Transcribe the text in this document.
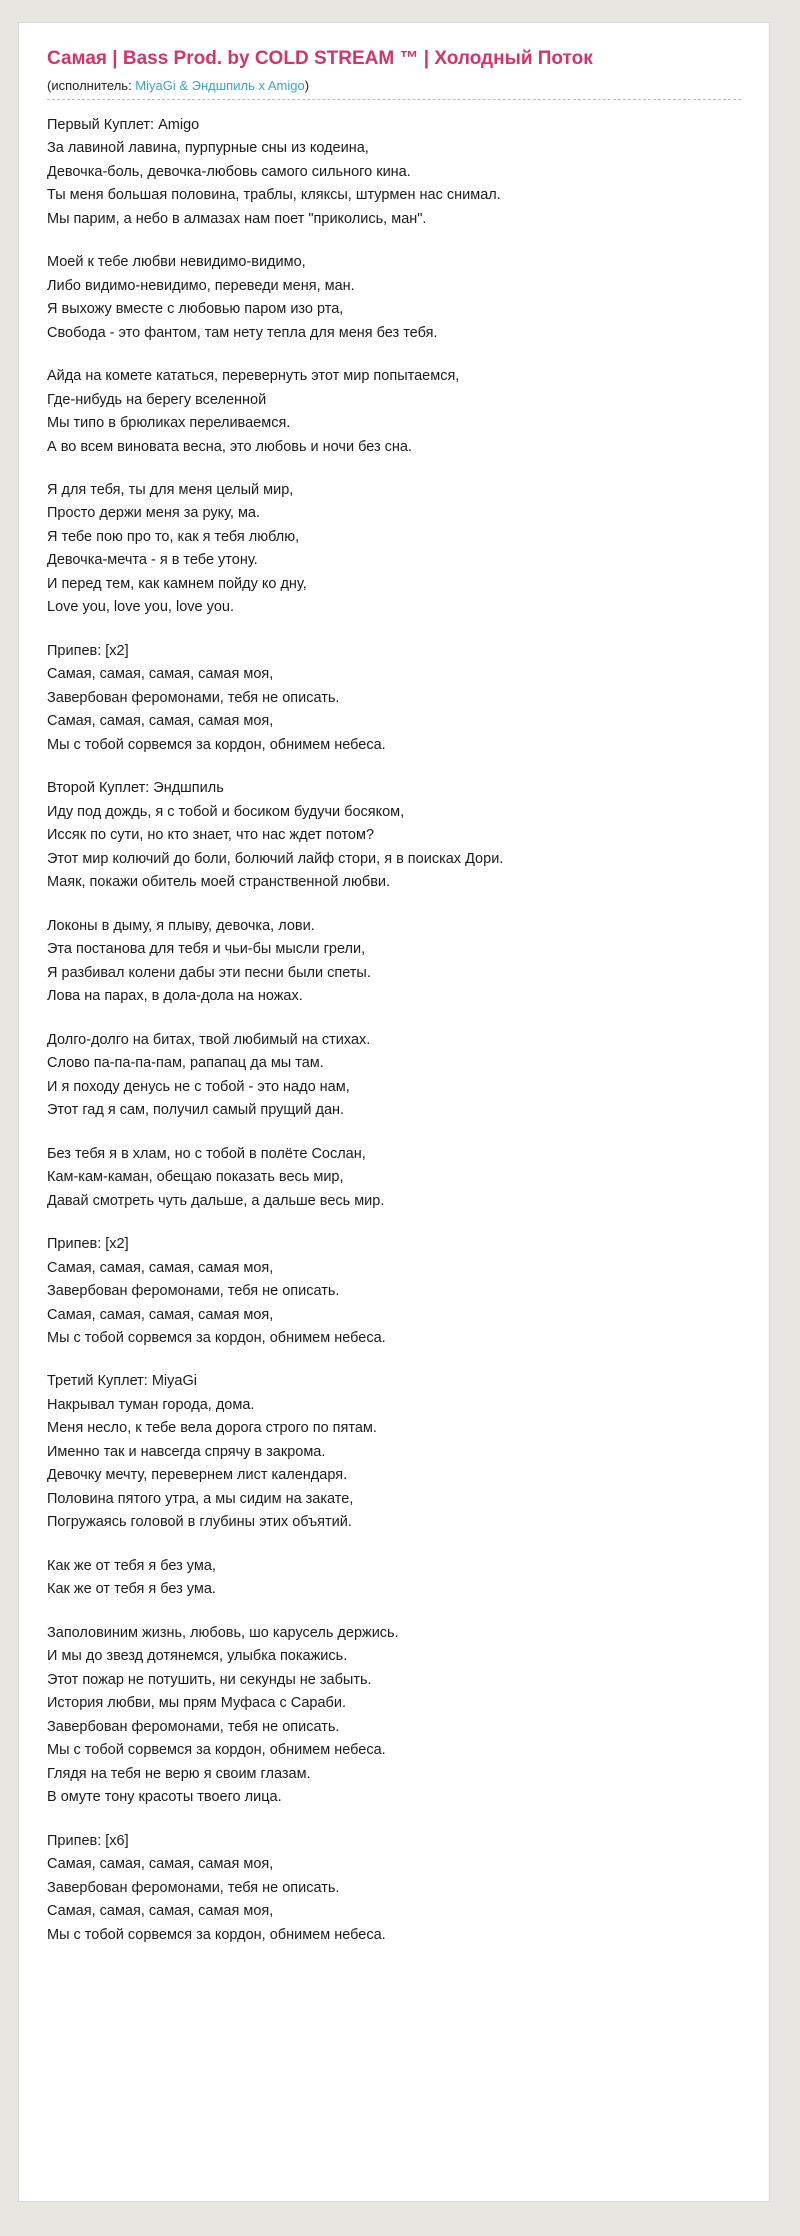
Самая | Bass Prod. by COLD STREAM ™ | Холодный Поток
(исполнитель: MiyaGi & Эндшпиль x Amigo)
Первый Куплет: Amigo
За лавиной лавина, пурпурные сны из кодеина,
Девочка-боль, девочка-любовь самого сильного кина.
Ты меня большая половина, траблы, кляксы, штурмен нас снимал.
Мы парим, а небо в алмазах нам поет "приколись, ман".
Моей к тебе любви невидимо-видимо,
Либо видимо-невидимо, переведи меня, ман.
Я выхожу вместе с любовью паром изо рта,
Свобода - это фантом, там нету тепла для меня без тебя.
Айда на комете кататься, перевернуть этот мир попытаемся,
Где-нибудь на берегу вселенной
Мы типо в брюликах переливаемся.
А во всем виновата весна, это любовь и ночи без сна.
Я для тебя, ты для меня целый мир,
Просто держи меня за руку, ма.
Я тебе пою про то, как я тебя люблю,
Девочка-мечта - я в тебе утону.
И перед тем, как камнем пойду ко дну,
Love you, love you, love you.
Припев: [x2]
Самая, самая, самая, самая моя,
Завербован феромонами, тебя не описать.
Самая, самая, самая, самая моя,
Мы с тобой сорвемся за кордон, обнимем небеса.
Второй Куплет: Эндшпиль
Иду под дождь, я с тобой и босиком будучи босяком,
Иссяк по сути, но кто знает, что нас ждет потом?
Этот мир колючий до боли, болючий лайф стори, я в поисках Дори.
Маяк, покажи обитель моей странственной любви.
Локоны в дыму, я плыву, девочка, лови.
Эта постанова для тебя и чьи-бы мысли грели,
Я разбивал колени дабы эти песни были спеты.
Лова на парах, в дола-дола на ножах.
Долго-долго на битах, твой любимый на стихах.
Слово па-па-па-пам, рапапац да мы там.
И я походу денусь не с тобой - это надо нам,
Этот гад я сам, получил самый прущий дан.
Без тебя я в хлам, но с тобой в полёте Сослан,
Кам-кам-каман, обещаю показать весь мир,
Давай смотреть чуть дальше, а дальше весь мир.
Припев: [x2]
Самая, самая, самая, самая моя,
Завербован феромонами, тебя не описать.
Самая, самая, самая, самая моя,
Мы с тобой сорвемся за кордон, обнимем небеса.
Третий Куплет: MiyaGi
Накрывал туман города, дома.
Меня несло, к тебе вела дорога строго по пятам.
Именно так и навсегда спрячу в закрома.
Девочку мечту, перевернем лист календаря.
Половина пятого утра, а мы сидим на закате,
Погружаясь головой в глубины этих объятий.
Как же от тебя я без ума,
Как же от тебя я без ума.
Заполовиним жизнь, любовь, шо карусель держись.
И мы до звезд дотянемся, улыбка покажись.
Этот пожар не потушить, ни секунды не забыть.
История любви, мы прям Муфаса с Сараби.
Завербован феромонами, тебя не описать.
Мы с тобой сорвемся за кордон, обнимем небеса.
Глядя на тебя не верю я своим глазам.
В омуте тону красоты твоего лица.
Припев: [x6]
Самая, самая, самая, самая моя,
Завербован феромонами, тебя не описать.
Самая, самая, самая, самая моя,
Мы с тобой сорвемся за кордон, обнимем небеса.
